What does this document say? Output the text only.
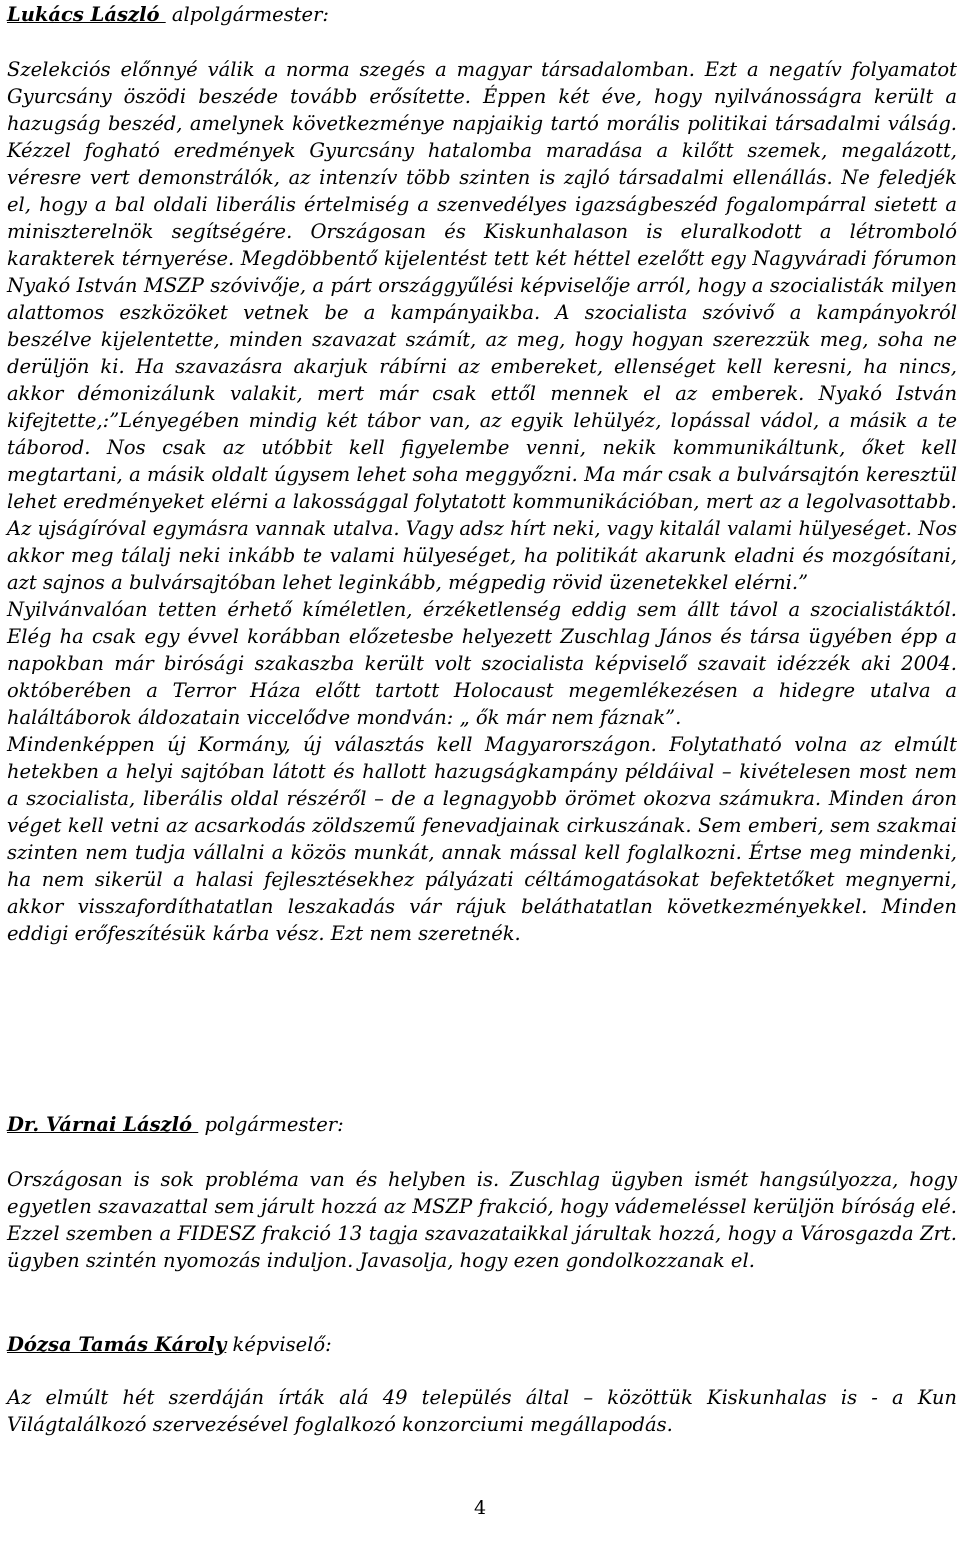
Lukács László alpolgármester:

Szelekciós előnnyé válik a norma szegés a magyar társadalomban. Ezt a negatív folyamatot Gyurcsány öszödi beszéde tovább erősítette. Éppen két éve, hogy nyilvánosságra került a hazugság beszéd, amelynek következménye napjaikig tartó morális politikai társadalmi válság. Kézzel fogható eredmények Gyurcsány hatalomba maradása a kilőtt szemek, megalázott, véresre vert demonstrálók, az intenzív több szinten is zajló társadalmi ellenállás. Ne feledjék el, hogy a bal oldali liberális értelmiség a szenvedélyes igazságbeszéd fogalompárral sietett a miniszterelnök segítségére. Országosan és Kiskunhalason is eluralkodott a létromboló karakterek térnyerése. Megdöbbentő kijelentést tett két héttel ezelőtt egy Nagyváradi fórumon Nyakó István MSZP szóvivője, a párt országgyűlési képviselője arról, hogy a szocialisták milyen alattomos eszközöket vetnek be a kampányaikba. A szocialista szóvivő a kampányokról beszélve kijelentette, minden szavazat számít, az meg, hogy hogyan szerezzük meg, soha ne derüljön ki. Ha szavazásra akarjuk rábírni az embereket, ellenséget kell keresni, ha nincs, akkor démonizálunk valakit, mert már csak ettől mennek el az emberek. Nyakó István kifejtette,:”Lényegében mindig két tábor van, az egyik lehülyéz, lopással vádol, a másik a te táborod. Nos csak az utóbbit kell figyelembe venni, nekik kommunikáltunk, őket kell megtartani, a másik oldalt úgysem lehet soha meggyőzni. Ma már csak a bulvársajtón keresztül lehet eredményeket elérni a lakossággal folytatott kommunikációban, mert az a legolvasottabb. Az ujságíróval egymásra vannak utalva. Vagy adsz hírt neki, vagy kitalál valami hülyeséget. Nos akkor meg tálalj neki inkább te valami hülyeséget, ha politikát akarunk eladni és mozgósítani, azt sajnos a bulvársajtóban lehet leginkább, mégpedig rövid üzenetekkel elérni.”

Nyilvánvalóan tetten érhető kíméletlen, érzéketlenség eddig sem állt távol a szocialistáktól. Elég ha csak egy évvel korábban előzetesbe helyezett Zuschlag János és társa ügyében épp a napokban már birósági szakaszba került volt szocialista képviselő szavait idézzék aki 2004. októberében a Terror Háza előtt tartott Holocaust megemlékezésen a hidegre utalva a haláltáborok áldozatain viccelődve mondván: „ ők már nem fáznak”.

Mindenképpen új Kormány, új választás kell Magyarországon. Folytatható volna az elmúlt hetekben a helyi sajtóban látott és hallott hazugságkampány példáival – kivételesen most nem a szocialista, liberális oldal részéről – de a legnagyobb örömet okozva számukra. Minden áron véget kell vetni az acsarkodás zöldszemű fenevadjainak cirkuszának. Sem emberi, sem szakmai szinten nem tudja vállalni a közös munkát, annak mással kell foglalkozni. Értse meg mindenki, ha nem sikerül a halasi fejlesztésekhez pályázati céltámogatásokat befektetőket megnyerni, akkor visszafordíthatatlan leszakadás vár rájuk beláthatatlan következményekkel. Minden eddigi erőfeszítésük kárba vész. Ezt nem szeretnék.

Dr. Várnai László polgármester:

Országosan is sok probléma van és helyben is. Zuschlag ügyben ismét hangsúlyozza, hogy egyetlen szavazattal sem járult hozzá az MSZP frakció, hogy vádemeléssel kerüljön bíróság elé. Ezzel szemben a FIDESZ frakció 13 tagja szavazataikkal járultak hozzá, hogy a Városgazda Zrt. ügyben szintén nyomozás induljon. Javasolja, hogy ezen gondolkozzanak el.

Dózsa Tamás Károly képviselő:

Az elmúlt hét szerdáján írták alá 49 település által – közöttük Kiskunhalas is - a Kun Világtalálkozó szervezésével foglalkozó konzorciumi megállapodás.

4
